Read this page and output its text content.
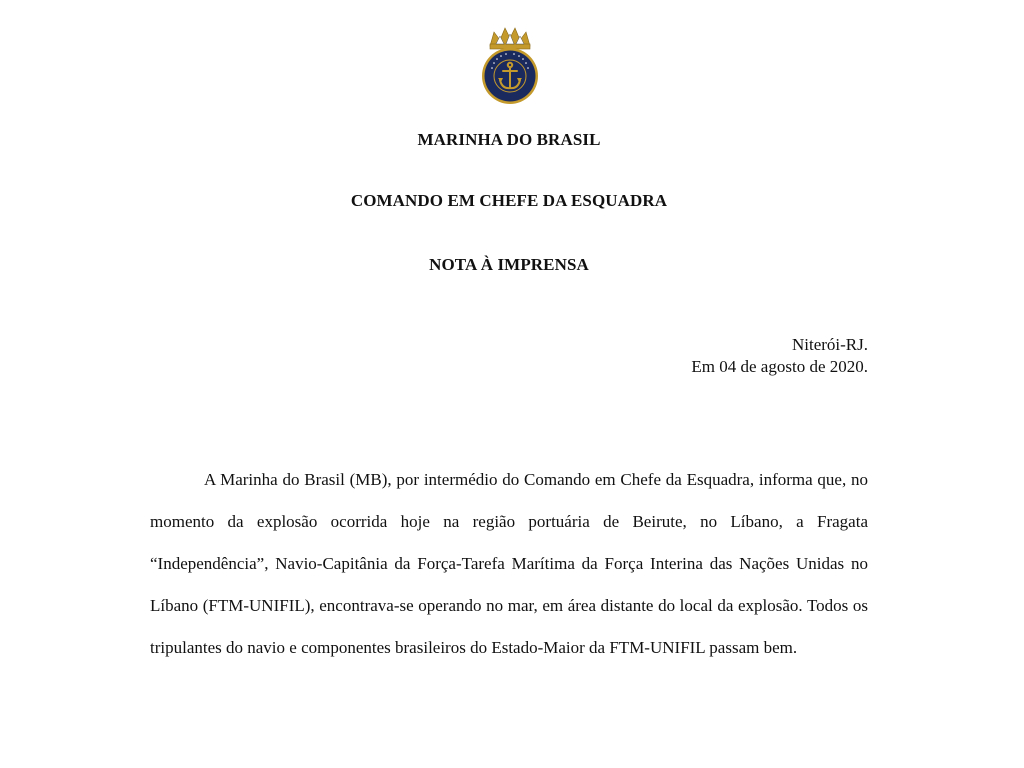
MARINHA DO BRASIL
COMANDO EM CHEFE DA ESQUADRA
NOTA À IMPRENSA
Niterói-RJ.
Em 04 de agosto de 2020.

A Marinha do Brasil (MB), por intermédio do Comando em Chefe da Esquadra, informa que, no momento da explosão ocorrida hoje na região portuária de Beirute, no Líbano, a Fragata “Independência”, Navio-Capitânia da Força-Tarefa Marítima da Força Interina das Nações Unidas no Líbano (FTM-UNIFIL), encontrava-se operando no mar, em área distante do local da explosão. Todos os tripulantes do navio e componentes brasileiros do Estado-Maior da FTM-UNIFIL passam bem.
